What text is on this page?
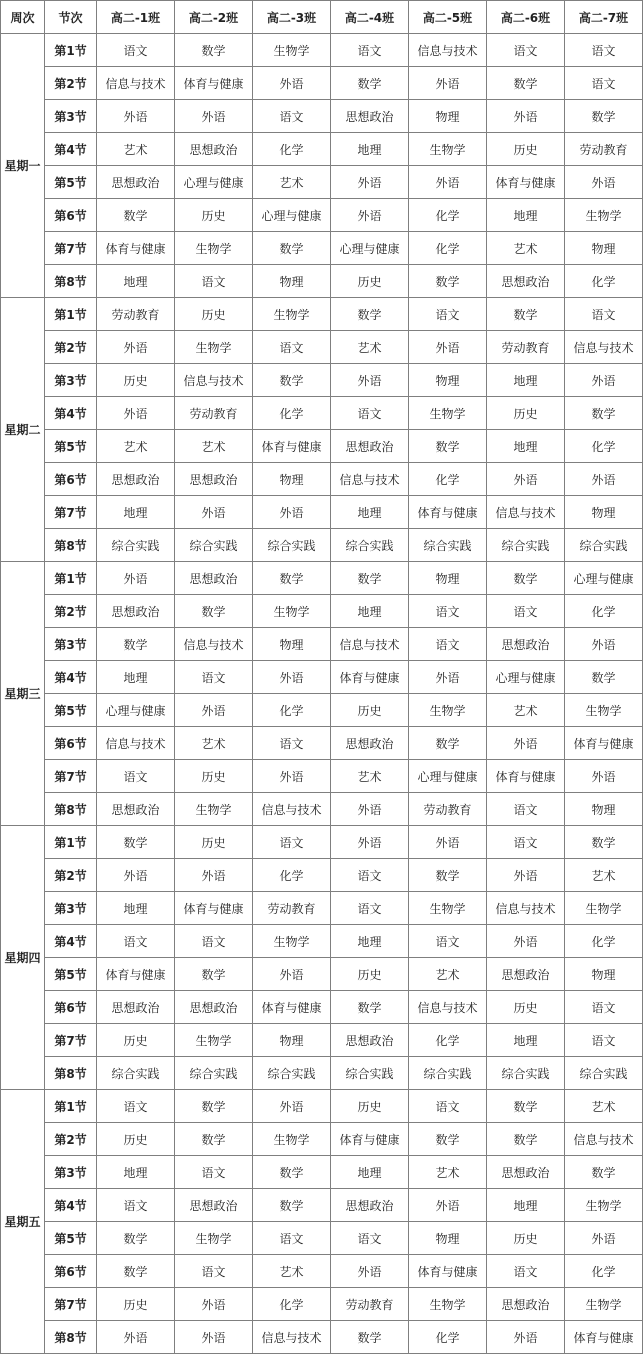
周次	节次	高二-1班	高二-2班	高二-3班	高二-4班	高二-5班	高二-6班	高二-7班
星期一	第1节	语文	数学	生物学	语文	信息与技术	语文	语文
	第2节	信息与技术	体育与健康	外语	数学	外语	数学	语文
	第3节	外语	外语	语文	思想政治	物理	外语	数学
	第4节	艺术	思想政治	化学	地理	生物学	历史	劳动教育
	第5节	思想政治	心理与健康	艺术	外语	外语	体育与健康	外语
	第6节	数学	历史	心理与健康	外语	化学	地理	生物学
	第7节	体育与健康	生物学	数学	心理与健康	化学	艺术	物理
	第8节	地理	语文	物理	历史	数学	思想政治	化学
星期二	第1节	劳动教育	历史	生物学	数学	语文	数学	语文
	第2节	外语	生物学	语文	艺术	外语	劳动教育	信息与技术
	第3节	历史	信息与技术	数学	外语	物理	地理	外语
	第4节	外语	劳动教育	化学	语文	生物学	历史	数学
	第5节	艺术	艺术	体育与健康	思想政治	数学	地理	化学
	第6节	思想政治	思想政治	物理	信息与技术	化学	外语	外语
	第7节	地理	外语	外语	地理	体育与健康	信息与技术	物理
	第8节	综合实践	综合实践	综合实践	综合实践	综合实践	综合实践	综合实践
星期三	第1节	外语	思想政治	数学	数学	物理	数学	心理与健康
	第2节	思想政治	数学	生物学	地理	语文	语文	化学
	第3节	数学	信息与技术	物理	信息与技术	语文	思想政治	外语
	第4节	地理	语文	外语	体育与健康	外语	心理与健康	数学
	第5节	心理与健康	外语	化学	历史	生物学	艺术	生物学
	第6节	信息与技术	艺术	语文	思想政治	数学	外语	体育与健康
	第7节	语文	历史	外语	艺术	心理与健康	体育与健康	外语
	第8节	思想政治	生物学	信息与技术	外语	劳动教育	语文	物理
星期四	第1节	数学	历史	语文	外语	外语	语文	数学
	第2节	外语	外语	化学	语文	数学	外语	艺术
	第3节	地理	体育与健康	劳动教育	语文	生物学	信息与技术	生物学
	第4节	语文	语文	生物学	地理	语文	外语	化学
	第5节	体育与健康	数学	外语	历史	艺术	思想政治	物理
	第6节	思想政治	思想政治	体育与健康	数学	信息与技术	历史	语文
	第7节	历史	生物学	物理	思想政治	化学	地理	语文
	第8节	综合实践	综合实践	综合实践	综合实践	综合实践	综合实践	综合实践
星期五	第1节	语文	数学	外语	历史	语文	数学	艺术
	第2节	历史	数学	生物学	体育与健康	数学	数学	信息与技术
	第3节	地理	语文	数学	地理	艺术	思想政治	数学
	第4节	语文	思想政治	数学	思想政治	外语	地理	生物学
	第5节	数学	生物学	语文	语文	物理	历史	外语
	第6节	数学	语文	艺术	外语	体育与健康	语文	化学
	第7节	历史	外语	化学	劳动教育	生物学	思想政治	生物学
	第8节	外语	外语	信息与技术	数学	化学	外语	体育与健康
